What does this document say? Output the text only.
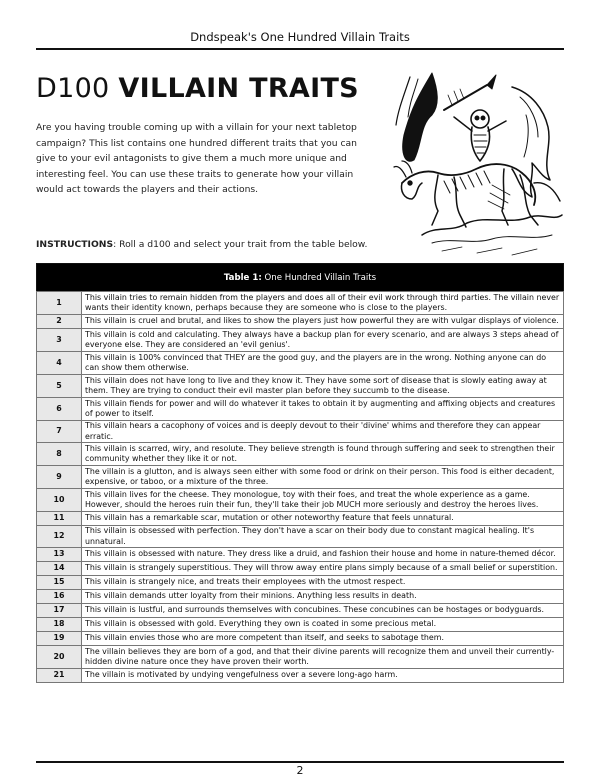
Dndspeak's One Hundred Villain Traits
D100 VILLAIN TRAITS
Are you having trouble coming up with a villain for your next tabletop campaign? This list contains one hundred different traits that you can give to your evil antagonists to give them a much more unique and interesting feel. You can use these traits to generate how your villain would act towards the players and their actions.
INSTRUCTIONS: Roll a d100 and select your trait from the table below.
Table 1: One Hundred Villain Traits	
1	This villain tries to remain hidden from the players and does all of their evil work through third parties. The villain never wants their identity known, perhaps because they are someone who is close to the players.
2	This villain is cruel and brutal, and likes to show the players just how powerful they are with vulgar displays of violence.
3	This villain is cold and calculating. They always have a backup plan for every scenario, and are always 3 steps ahead of everyone else. They are considered an 'evil genius'.
4	This villain is 100% convinced that THEY are the good guy, and the players are in the wrong. Nothing anyone can do can show them otherwise.
5	This villain does not have long to live and they know it. They have some sort of disease that is slowly eating away at them. They are trying to conduct their evil master plan before they succumb to the disease.
6	This villain fiends for power and will do whatever it takes to obtain it by augmenting and affixing objects and creatures of power to itself.
7	This villain hears a cacophony of voices and is deeply devout to their 'divine' whims and therefore they can appear erratic.
8	This villain is scarred, wiry, and resolute. They believe strength is found through suffering and seek to strengthen their community whether they like it or not.
9	The villain is a glutton, and is always seen either with some food or drink on their person. This food is either decadent, expensive, or taboo, or a mixture of the three.
10	This villain lives for the cheese. They monologue, toy with their foes, and treat the whole experience as a game. However, should the heroes ruin their fun, they'll take their job MUCH more seriously and destroy the heroes lives.
11	This villain has a remarkable scar, mutation or other noteworthy feature that feels unnatural.
12	This villain is obsessed with perfection. They don't have a scar on their body due to constant magical healing. It's unnatural.
13	This villain is obsessed with nature. They dress like a druid, and fashion their house and home in nature-themed décor.
14	This villain is strangely superstitious. They will throw away entire plans simply because of a small belief or superstition.
15	This villain is strangely nice, and treats their employees with the utmost respect.
16	This villain demands utter loyalty from their minions. Anything less results in death.
17	This villain is lustful, and surrounds themselves with concubines. These concubines can be hostages or bodyguards.
18	This villain is obsessed with gold. Everything they own is coated in some precious metal.
19	This villain envies those who are more competent than itself, and seeks to sabotage them.
20	The villain believes they are born of a god, and that their divine parents will recognize them and unveil their currently-hidden divine nature once they have proven their worth.
21	The villain is motivated by undying vengefulness over a severe long-ago harm.
2
